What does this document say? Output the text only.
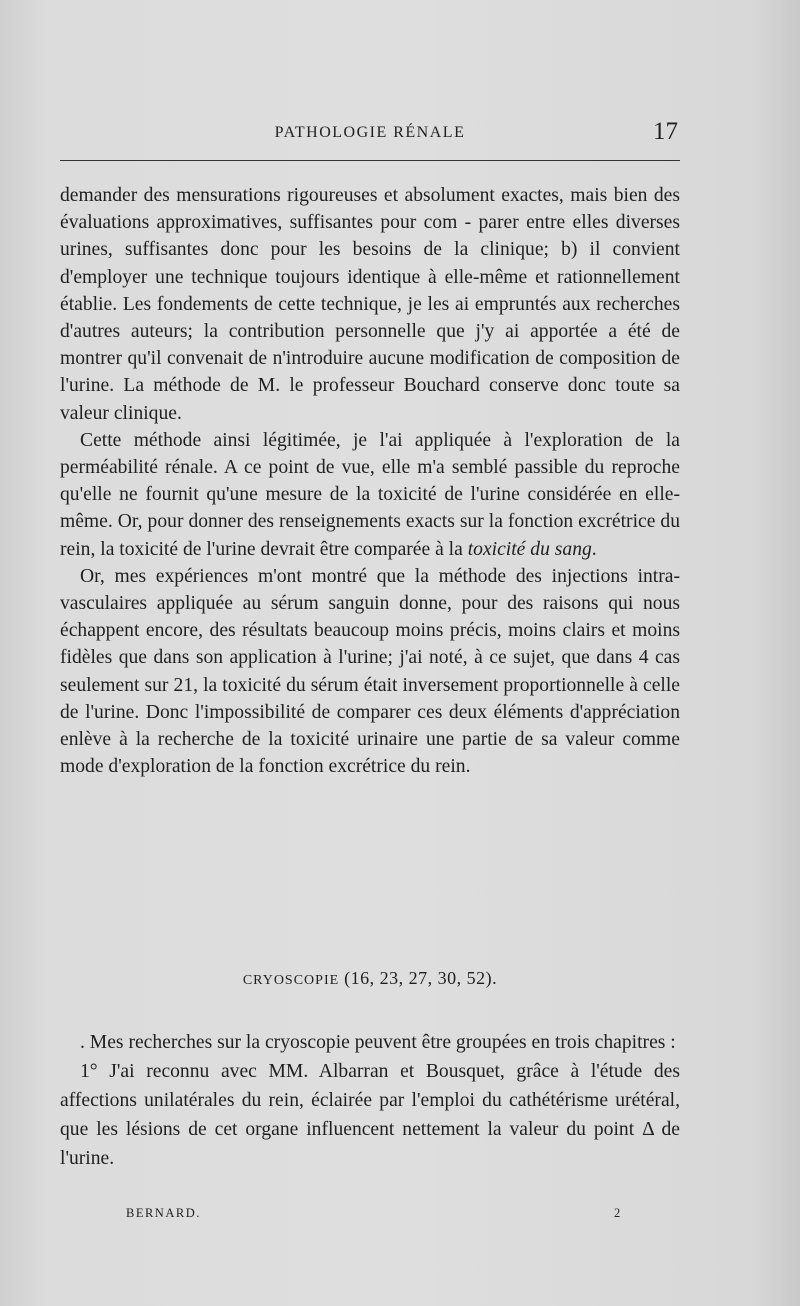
PATHOLOGIE RÉNALE	17

demander des mensurations rigoureuses et absolument exactes, mais bien des évaluations approximatives, suffisantes pour com - parer entre elles diverses urines, suffisantes donc pour les besoins de la clinique; b) il convient d'employer une technique toujours identique à elle-même et rationnellement établie. Les fondements de cette technique, je les ai empruntés aux recherches d'autres auteurs; la contribution personnelle que j'y ai apportée a été de montrer qu'il convenait de n'introduire aucune modification de composition de l'urine. La méthode de M. le professeur Bouchard conserve donc toute sa valeur clinique.

Cette méthode ainsi légitimée, je l'ai appliquée à l'exploration de la perméabilité rénale. A ce point de vue, elle m'a semblé passible du reproche qu'elle ne fournit qu'une mesure de la toxicité de l'urine considérée en elle-même. Or, pour donner des renseignements exacts sur la fonction excrétrice du rein, la toxicité de l'urine devrait être comparée à la toxicité du sang.

Or, mes expériences m'ont montré que la méthode des injections intra-vasculaires appliquée au sérum sanguin donne, pour des raisons qui nous échappent encore, des résultats beaucoup moins précis, moins clairs et moins fidèles que dans son application à l'urine; j'ai noté, à ce sujet, que dans 4 cas seulement sur 21, la toxicité du sérum était inversement proportionnelle à celle de l'urine. Donc l'impossibilité de comparer ces deux éléments d'appréciation enlève à la recherche de la toxicité urinaire une partie de sa valeur comme mode d'exploration de la fonction excrétrice du rein.

CRYOSCOPIE (16, 23, 27, 30, 52).

. Mes recherches sur la cryoscopie peuvent être groupées en trois chapitres :

1° J'ai reconnu avec MM. Albarran et Bousquet, grâce à l'étude des affections unilatérales du rein, éclairée par l'emploi du cathétérisme urétéral, que les lésions de cet organe influencent nettement la valeur du point Δ de l'urine.

BERNARD.	2
